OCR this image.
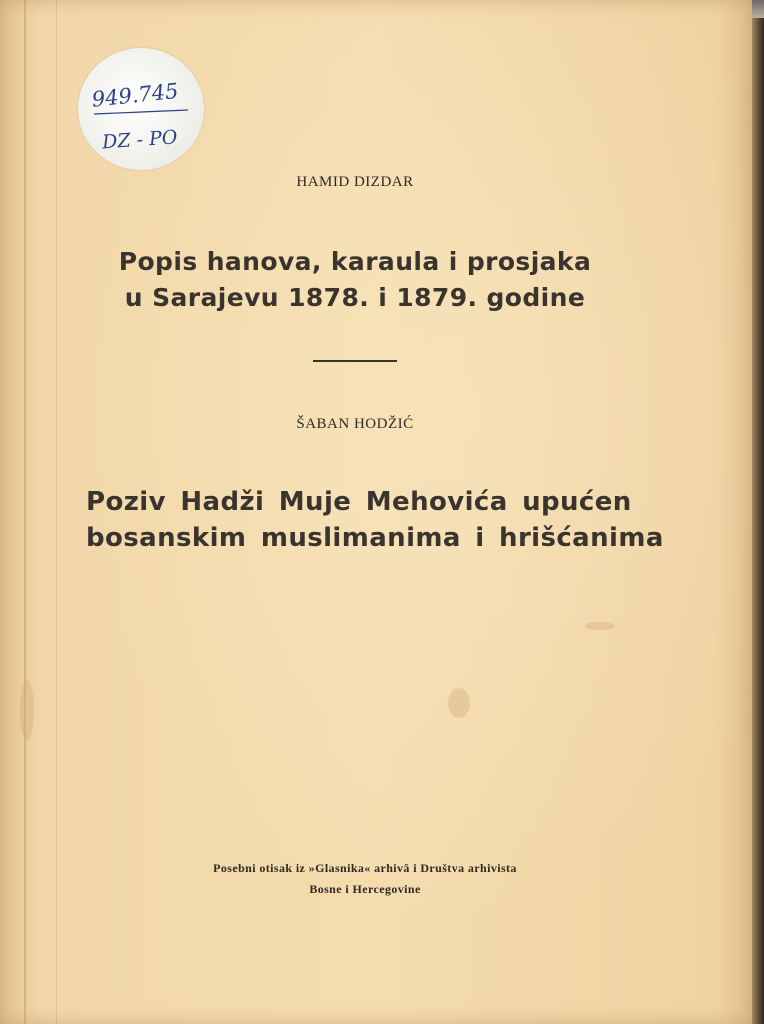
949.745
DZ - PO

HAMID DIZDAR

Popis hanova, karaula i prosjaka
u Sarajevu 1878. i 1879. godine

ŠABAN HODŽIĆ

Poziv Hadži Muje Mehovića upućen
bosanskim muslimanima i hrišćanima

Posebni otisak iz »Glasnika« arhivâ i Društva arhivista
Bosne i Hercegovine
